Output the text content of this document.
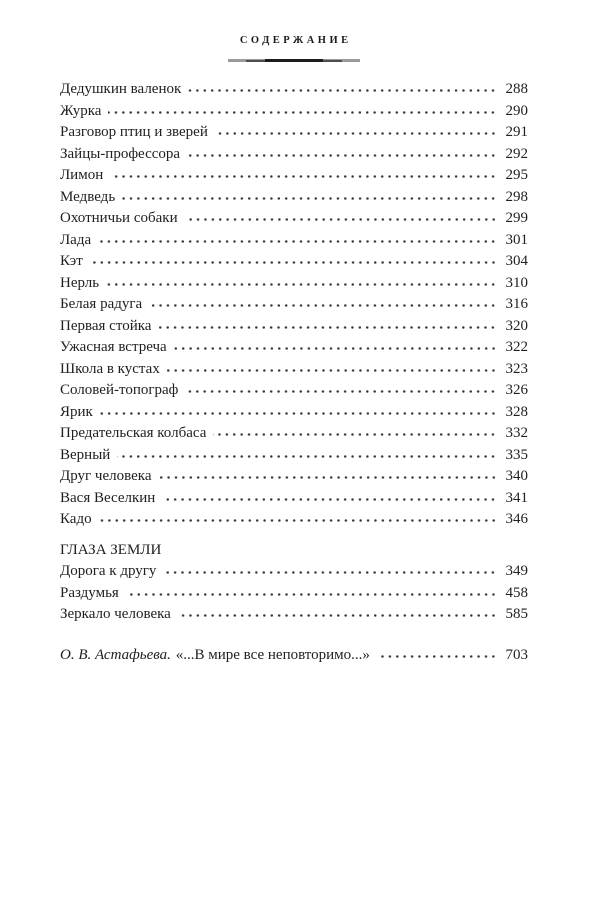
СОДЕРЖАНИЕ
Дедушкин валенок	288
Журка	290
Разговор птиц и зверей	291
Зайцы-профессора	292
Лимон	295
Медведь	298
Охотничьи собаки	299
Лада	301
Кэт	304
Нерль	310
Белая радуга	316
Первая стойка	320
Ужасная встреча	322
Школа в кустах	323
Соловей-топограф	326
Ярик	328
Предательская колбаса	332
Верный	335
Друг человека	340
Вася Веселкин	341
Кадо	346
ГЛАЗА ЗЕМЛИ
Дорога к другу	349
Раздумья	458
Зеркало человека	585
О. В. Астафьева. «...В мире все неповторимо...»	703
